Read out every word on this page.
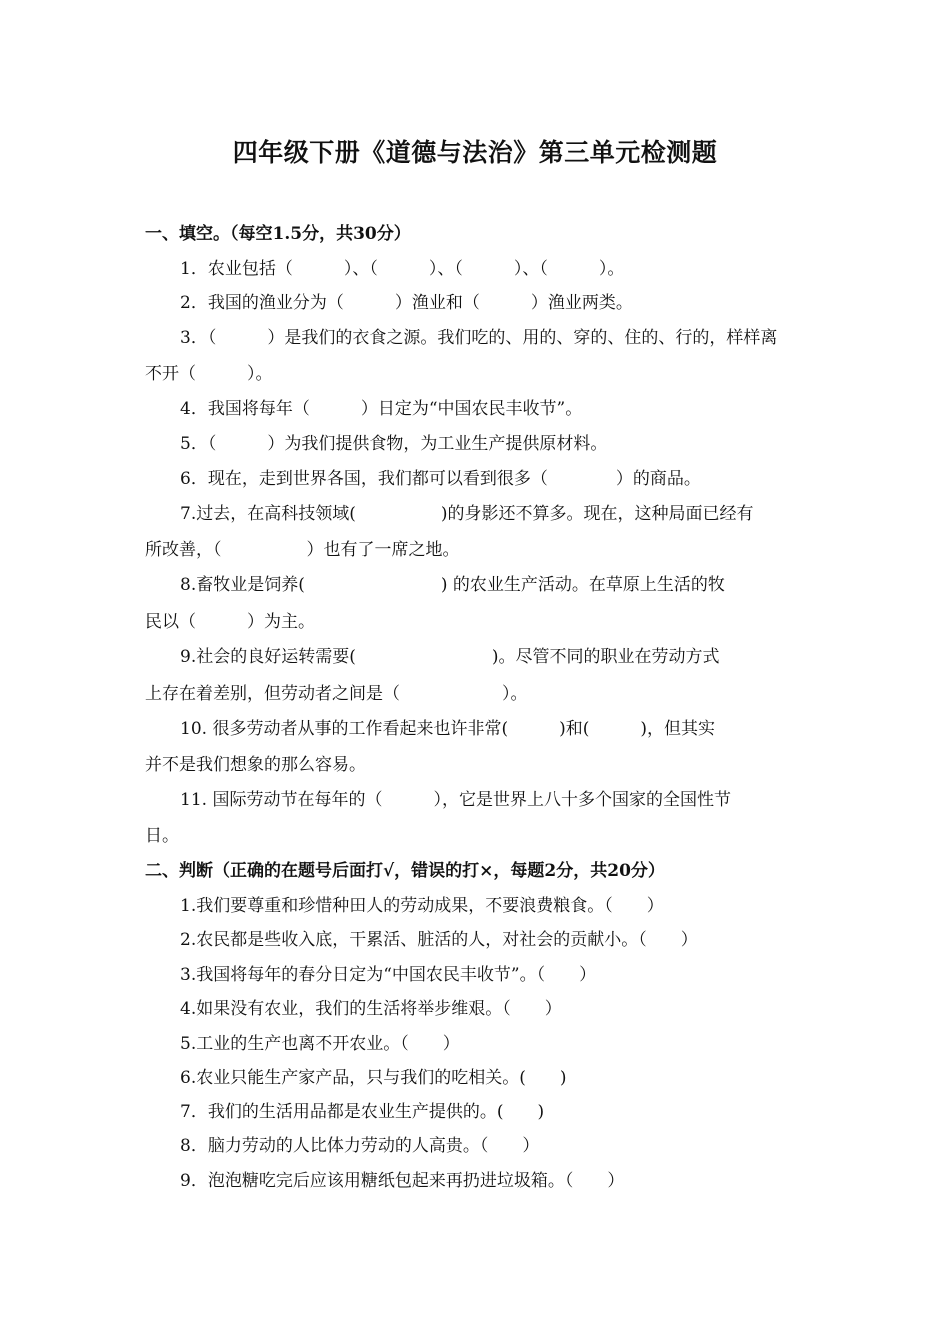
四年级下册《道德与法治》第三单元检测题
一、填空。（每空1.5分，共30分）
1．农业包括（　　　）、（　　　）、（　　　）、（　　　）。
2．我国的渔业分为（　　　）渔业和（　　　）渔业两类。
3．（　　　）是我们的衣食之源。我们吃的、用的、穿的、住的、行的，样样离
不开（　　　）。
4．我国将每年（　　　）日定为“中国农民丰收节”。
5．（　　　）为我们提供食物，为工业生产提供原材料。
6．现在，走到世界各国，我们都可以看到很多（　　　　）的商品。
7.过去，在高科技领域(　　　　　)的身影还不算多。现在，这种局面已经有
所改善，（　　　　　）也有了一席之地。
8.畜牧业是饲养(　　　　　　　　) 的农业生产活动。在草原上生活的牧
民以（　　　）为主。
9.社会的良好运转需要(　　　　　　　　)。尽管不同的职业在劳动方式
上存在着差别，但劳动者之间是（　　　　　　）。
10. 很多劳动者从事的工作看起来也许非常(　　　)和(　　　)，但其实
并不是我们想象的那么容易。
11. 国际劳动节在每年的（　　　），它是世界上八十多个国家的全国性节
日。
二、判断（正确的在题号后面打√，错误的打×，每题2分，共20分）
1.我们要尊重和珍惜种田人的劳动成果，不要浪费粮食。（　　）
2.农民都是些收入底，干累活、脏活的人，对社会的贡献小。（　　）
3.我国将每年的春分日定为“中国农民丰收节”。（　　）
4.如果没有农业，我们的生活将举步维艰。（　　）
5.工业的生产也离不开农业。（　　）
6.农业只能生产家产品，只与我们的吃相关。(　　)
7．我们的生活用品都是农业生产提供的。(　　)
8．脑力劳动的人比体力劳动的人高贵。（　　）
9．泡泡糖吃完后应该用糖纸包起来再扔进垃圾箱。（　　）
